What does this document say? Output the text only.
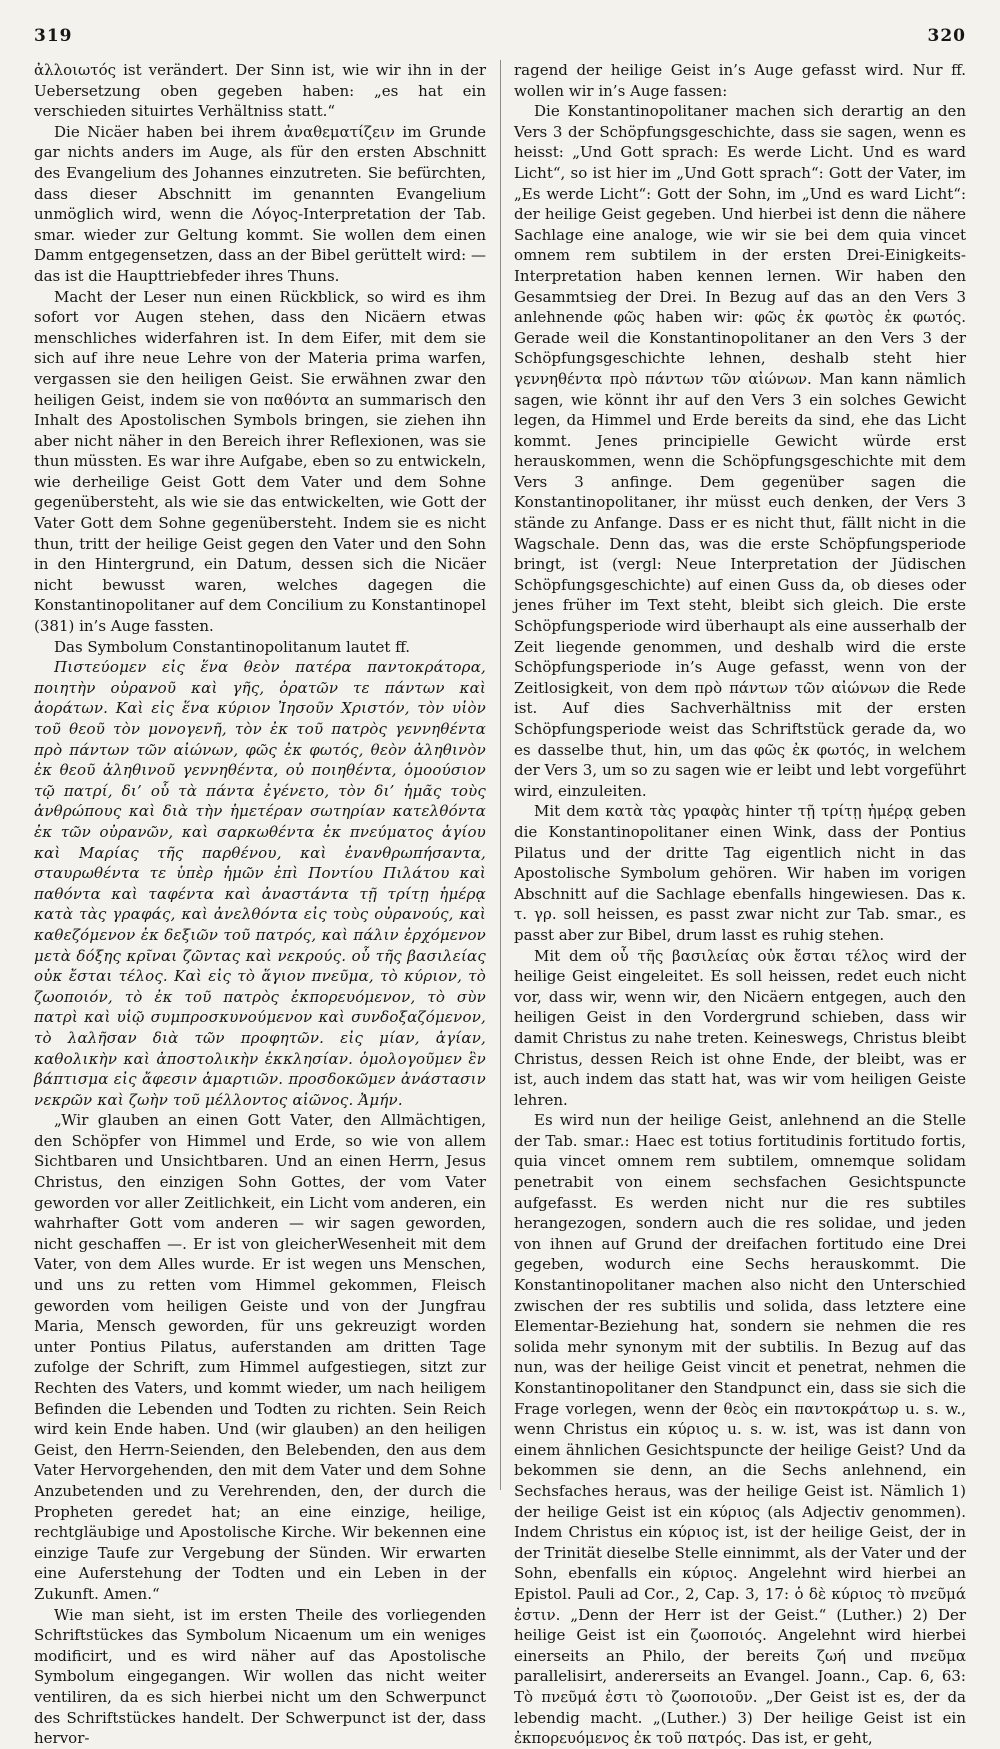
319	320

ἀλλοιωτός ist verändert. Der Sinn ist, wie wir ihn in der Uebersetzung oben gegeben haben: „es hat ein verschieden situirtes Verhältniss statt.“

Die Nicäer haben bei ihrem ἀναθεματίζειν im Grunde gar nichts anders im Auge, als für den ersten Abschnitt des Evangelium des Johannes einzutreten. Sie befürchten, dass dieser Abschnitt im genannten Evangelium unmöglich wird, wenn die Λόγος-Interpretation der Tab. smar. wieder zur Geltung kommt. Sie wollen dem einen Damm entgegensetzen, dass an der Bibel gerüttelt wird: — das ist die Haupttriebfeder ihres Thuns.

Macht der Leser nun einen Rückblick, so wird es ihm sofort vor Augen stehen, dass den Nicäern etwas menschliches widerfahren ist. In dem Eifer, mit dem sie sich auf ihre neue Lehre von der Materia prima warfen, vergassen sie den heiligen Geist. Sie erwähnen zwar den heiligen Geist, indem sie von παθόντα an summarisch den Inhalt des Apostolischen Symbols bringen, sie ziehen ihn aber nicht näher in den Bereich ihrer Reflexionen, was sie thun müssten. Es war ihre Aufgabe, eben so zu entwickeln, wie derheilige Geist Gott dem Vater und dem Sohne gegenübersteht, als wie sie das entwickelten, wie Gott der Vater Gott dem Sohne gegenübersteht. Indem sie es nicht thun, tritt der heilige Geist gegen den Vater und den Sohn in den Hintergrund, ein Datum, dessen sich die Nicäer nicht bewusst waren, welches dagegen die Konstantinopolitaner auf dem Concilium zu Konstantinopel (381) in’s Auge fassten.

Das Symbolum Constantinopolitanum lautet ff.

Πιστεύομεν εἰς ἕνα θεὸν πατέρα παντοκράτορα, ποιητὴν οὐρανοῦ καὶ γῆς, ὁρατῶν τε πάντων καὶ ἀοράτων. Καὶ εἰς ἕνα κύριον Ἰησοῦν Χριστόν, τὸν υἱὸν τοῦ θεοῦ τὸν μονογενῆ, τὸν ἐκ τοῦ πατρὸς γεννηθέντα πρὸ πάντων τῶν αἰώνων, φῶς ἐκ φωτός, θεὸν ἀληθινὸν ἐκ θεοῦ ἀληθινοῦ γεννηθέντα, οὐ ποιηθέντα, ὁμοούσιον τῷ πατρί, δι’ οὗ τὰ πάντα ἐγένετο, τὸν δι’ ἡμᾶς τοὺς ἀνθρώπους καὶ διὰ τὴν ἡμετέραν σωτηρίαν κατελθόντα ἐκ τῶν οὐρανῶν, καὶ σαρκωθέντα ἐκ πνεύματος ἁγίου καὶ Μαρίας τῆς παρθένου, καὶ ἐνανθρωπήσαντα, σταυρωθέντα τε ὑπὲρ ἡμῶν ἐπὶ Ποντίου Πιλάτου καὶ παθόντα καὶ ταφέντα καὶ ἀναστάντα τῇ τρίτῃ ἡμέρᾳ κατὰ τὰς γραφάς, καὶ ἀνελθόντα εἰς τοὺς οὐρανούς, καὶ καθεζόμενον ἐκ δεξιῶν τοῦ πατρός, καὶ πάλιν ἐρχόμενον μετὰ δόξης κρῖναι ζῶντας καὶ νεκρούς. οὗ τῆς βασιλείας οὐκ ἔσται τέλος. Καὶ εἰς τὸ ἅγιον πνεῦμα, τὸ κύριον, τὸ ζωοποιόν, τὸ ἐκ τοῦ πατρὸς ἐκπορευόμενον, τὸ σὺν πατρὶ καὶ υἱῷ συμπροσκυνούμενον καὶ συνδοξαζόμενον, τὸ λαλῆσαν διὰ τῶν προφητῶν. εἰς μίαν, ἁγίαν, καθολικὴν καὶ ἀποστολικὴν ἐκκλησίαν. ὁμολογοῦμεν ἓν βάπτισμα εἰς ἄφεσιν ἁμαρτιῶν. προσδοκῶμεν ἀνάστασιν νεκρῶν καὶ ζωὴν τοῦ μέλλοντος αἰῶνος. Ἀμήν.

„Wir glauben an einen Gott Vater, den Allmächtigen, den Schöpfer von Himmel und Erde, so wie von allem Sichtbaren und Unsichtbaren. Und an einen Herrn, Jesus Christus, den einzigen Sohn Gottes, der vom Vater geworden vor aller Zeitlichkeit, ein Licht vom anderen, ein wahrhafter Gott vom anderen — wir sagen geworden, nicht geschaffen —. Er ist von gleicherWesenheit mit dem Vater, von dem Alles wurde. Er ist wegen uns Menschen, und uns zu retten vom Himmel gekommen, Fleisch geworden vom heiligen Geiste und von der Jungfrau Maria, Mensch geworden, für uns gekreuzigt worden unter Pontius Pilatus, auferstanden am dritten Tage zufolge der Schrift, zum Himmel aufgestiegen, sitzt zur Rechten des Vaters, und kommt wieder, um nach heiligem Befinden die Lebenden und Todten zu richten. Sein Reich wird kein Ende haben. Und (wir glauben) an den heiligen Geist, den Herrn-Seienden, den Belebenden, den aus dem Vater Hervorgehenden, den mit dem Vater und dem Sohne Anzubetenden und zu Verehrenden, den, der durch die Propheten geredet hat; an eine einzige, heilige, rechtgläubige und Apostolische Kirche. Wir bekennen eine einzige Taufe zur Vergebung der Sünden. Wir erwarten eine Auferstehung der Todten und ein Leben in der Zukunft. Amen.“

Wie man sieht, ist im ersten Theile des vorliegenden Schriftstückes das Symbolum Nicaenum um ein weniges modificirt, und es wird näher auf das Apostolische Symbolum eingegangen. Wir wollen das nicht weiter ventiliren, da es sich hierbei nicht um den Schwerpunct des Schriftstückes handelt. Der Schwerpunct ist der, dass hervor-

ragend der heilige Geist in’s Auge gefasst wird. Nur ff. wollen wir in’s Auge fassen:

Die Konstantinopolitaner machen sich derartig an den Vers 3 der Schöpfungsgeschichte, dass sie sagen, wenn es heisst: „Und Gott sprach: Es werde Licht. Und es ward Licht“, so ist hier im „Und Gott sprach“: Gott der Vater, im „Es werde Licht“: Gott der Sohn, im „Und es ward Licht“: der heilige Geist gegeben. Und hierbei ist denn die nähere Sachlage eine analoge, wie wir sie bei dem quia vincet omnem rem subtilem in der ersten Drei-Einigkeits-Interpretation haben kennen lernen. Wir haben den Gesammtsieg der Drei. In Bezug auf das an den Vers 3 anlehnende φῶς haben wir: φῶς ἐκ φωτὸς ἐκ φωτός. Gerade weil die Konstantinopolitaner an den Vers 3 der Schöpfungsgeschichte lehnen, deshalb steht hier γεννηθέντα πρὸ πάντων τῶν αἰώνων. Man kann nämlich sagen, wie könnt ihr auf den Vers 3 ein solches Gewicht legen, da Himmel und Erde bereits da sind, ehe das Licht kommt. Jenes principielle Gewicht würde erst herauskommen, wenn die Schöpfungsgeschichte mit dem Vers 3 anfinge. Dem gegenüber sagen die Konstantinopolitaner, ihr müsst euch denken, der Vers 3 stände zu Anfange. Dass er es nicht thut, fällt nicht in die Wagschale. Denn das, was die erste Schöpfungsperiode bringt, ist (vergl: Neue Interpretation der Jüdischen Schöpfungsgeschichte) auf einen Guss da, ob dieses oder jenes früher im Text steht, bleibt sich gleich. Die erste Schöpfungsperiode wird überhaupt als eine ausserhalb der Zeit liegende genommen, und deshalb wird die erste Schöpfungsperiode in’s Auge gefasst, wenn von der Zeitlosigkeit, von dem πρὸ πάντων τῶν αἰώνων die Rede ist. Auf dies Sachverhältniss mit der ersten Schöpfungsperiode weist das Schriftstück gerade da, wo es dasselbe thut, hin, um das φῶς ἐκ φωτός, in welchem der Vers 3, um so zu sagen wie er leibt und lebt vorgeführt wird, einzuleiten.

Mit dem κατὰ τὰς γραφὰς hinter τῇ τρίτῃ ἡμέρᾳ geben die Konstantinopolitaner einen Wink, dass der Pontius Pilatus und der dritte Tag eigentlich nicht in das Apostolische Symbolum gehören. Wir haben im vorigen Abschnitt auf die Sachlage ebenfalls hingewiesen. Das κ. τ. γρ. soll heissen, es passt zwar nicht zur Tab. smar., es passt aber zur Bibel, drum lasst es ruhig stehen.

Mit dem οὗ τῆς βασιλείας οὐκ ἔσται τέλος wird der heilige Geist eingeleitet. Es soll heissen, redet euch nicht vor, dass wir, wenn wir, den Nicäern entgegen, auch den heiligen Geist in den Vordergrund schieben, dass wir damit Christus zu nahe treten. Keineswegs, Christus bleibt Christus, dessen Reich ist ohne Ende, der bleibt, was er ist, auch indem das statt hat, was wir vom heiligen Geiste lehren.

Es wird nun der heilige Geist, anlehnend an die Stelle der Tab. smar.: Haec est totius fortitudinis fortitudo fortis, quia vincet omnem rem subtilem, omnemque solidam penetrabit von einem sechsfachen Gesichtspuncte aufgefasst. Es werden nicht nur die res subtiles herangezogen, sondern auch die res solidae, und jeden von ihnen auf Grund der dreifachen fortitudo eine Drei gegeben, wodurch eine Sechs herauskommt. Die Konstantinopolitaner machen also nicht den Unterschied zwischen der res subtilis und solida, dass letztere eine Elementar-Beziehung hat, sondern sie nehmen die res solida mehr synonym mit der subtilis. In Bezug auf das nun, was der heilige Geist vincit et penetrat, nehmen die Konstantinopolitaner den Standpunct ein, dass sie sich die Frage vorlegen, wenn der θεὸς ein παντοκράτωρ u. s. w., wenn Christus ein κύριος u. s. w. ist, was ist dann von einem ähnlichen Gesichtspuncte der heilige Geist? Und da bekommen sie denn, an die Sechs anlehnend, ein Sechsfaches heraus, was der heilige Geist ist. Nämlich 1) der heilige Geist ist ein κύριος (als Adjectiv genommen). Indem Christus ein κύριος ist, ist der heilige Geist, der in der Trinität dieselbe Stelle einnimmt, als der Vater und der Sohn, ebenfalls ein κύριος. Angelehnt wird hierbei an Epistol. Pauli ad Cor., 2, Cap. 3, 17: ὁ δὲ κύριος τὸ πνεῦμά ἐστιν. „Denn der Herr ist der Geist.“ (Luther.) 2) Der heilige Geist ist ein ζωοποιός. Angelehnt wird hierbei einerseits an Philo, der bereits ζωή und πνεῦμα parallelisirt, andererseits an Evangel. Joann., Cap. 6, 63: Τὸ πνεῦμά ἐστι τὸ ζωοποιοῦν. „Der Geist ist es, der da lebendig macht. „(Luther.) 3) Der heilige Geist ist ein ἐκπορευόμενος ἐκ τοῦ πατρός. Das ist, er geht,
